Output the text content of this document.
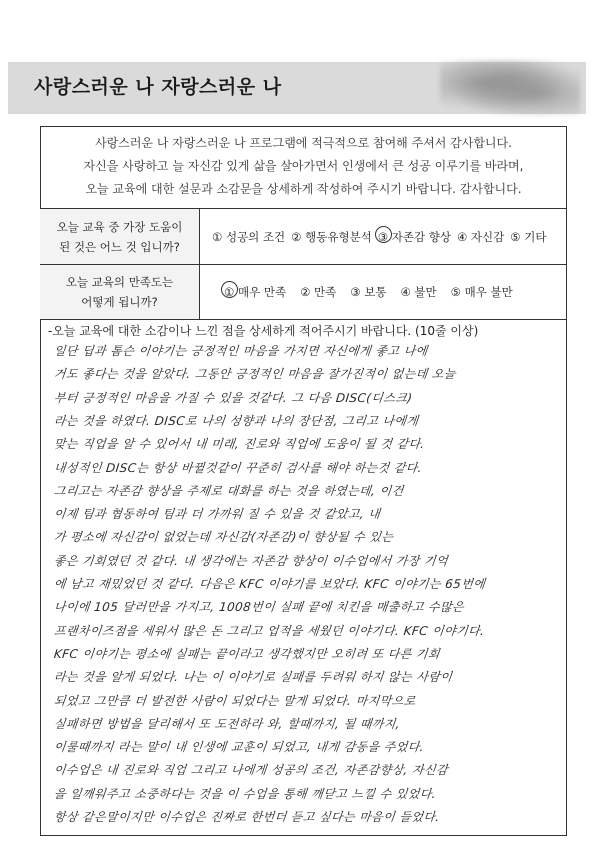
사랑스러운 나 자랑스러운 나
사랑스러운 나 자랑스러운 나 프로그램에 적극적으로 참여해 주셔서 감사합니다.
자신을 사랑하고 늘 자신감 있게 삶을 살아가면서 인생에서 큰 성공 이루기를 바라며,
오늘 교육에 대한 설문과 소감문을 상세하게 작성하여 주시기 바랍니다. 감사합니다.
오늘 교육 중 가장 도움이
된 것은 어느 것 입니까?
① 성공의 조건 ② 행동유형분석 ③ 자존감 향상 ④ 자신감 ⑤ 기타
오늘 교육의 만족도는
어떻게 됩니까?
① 매우 만족 ② 만족 ③ 보통 ④ 불만 ⑤ 매우 불만
-오늘 교육에 대한 소감이나 느낀 점을 상세하게 적어주시기 바랍니다. (10줄 이상)
일단 딥과 톰슨 이야기는 긍정적인 마음을 가지면 자신에게 좋고 나에
거도 좋다는 것을 알았다. 그동안 긍정적인 마음을 잘가진적이 없는데 오늘
부터 긍정적인 마음을 가질 수 있을 것같다. 그 다음 DISC(디스크)
라는 것을 하였다. DISC로 나의 성향과 나의 장단점, 그리고 나에게
맞는 직업을 알 수 있어서 내 미래, 진로와 직업에 도움이 될 것 같다.
내성적인 DISC는 항상 바뀔것같이 꾸준히 검사를 해야 하는것 같다.
그리고는 자존감 향상을 주제로 대화를 하는 것을 하였는데, 이건
이제 팀과 협동하여 팀과 더 가까워 질 수 있을 것 같았고, 내
가 평소에 자신감이 없었는데 자신감(자존감)이 향상될 수 있는
좋은 기회였던 것 같다. 내 생각에는 자존감 향상이 이수업에서 가장 기억
에 남고 재밌었던 것 같다. 다음은 KFC 이야기를 보았다. KFC 이야기는 65번에
나이에 105 달러만을 가지고, 1008번이 실패 끝에 치킨을 매출하고 수많은
프랜차이즈점을 세워서 많은 돈 그리고 업적을 세웠던 이야기다. KFC 이야기다.
KFC 이야기는 평소에 실패는 끝이라고 생각했지만 오히려 또 다른 기회
라는 것을 알게 되었다. 나는 이 이야기로 실패를 두려워 하지 않는 사람이
되었고 그만큼 더 발전한 사람이 되었다는 말게 되었다. 마지막으로
실패하면 방법을 달리해서 또 도전하라 와, 할때까지, 될 때까지,
이룰때까지 라는 말이 내 인생에 교훈이 되었고, 내게 감동을 주었다.
이수업은 내 진로와 직업 그리고 나에게 성공의 조건, 자존감향상, 자신감
을 일깨워주고 소중하다는 것을 이 수업을 통해 깨닫고 느낄 수 있었다.
항상 같은말이지만 이수업은 진짜로 한번더 듣고 싶다는 마음이 들었다.
